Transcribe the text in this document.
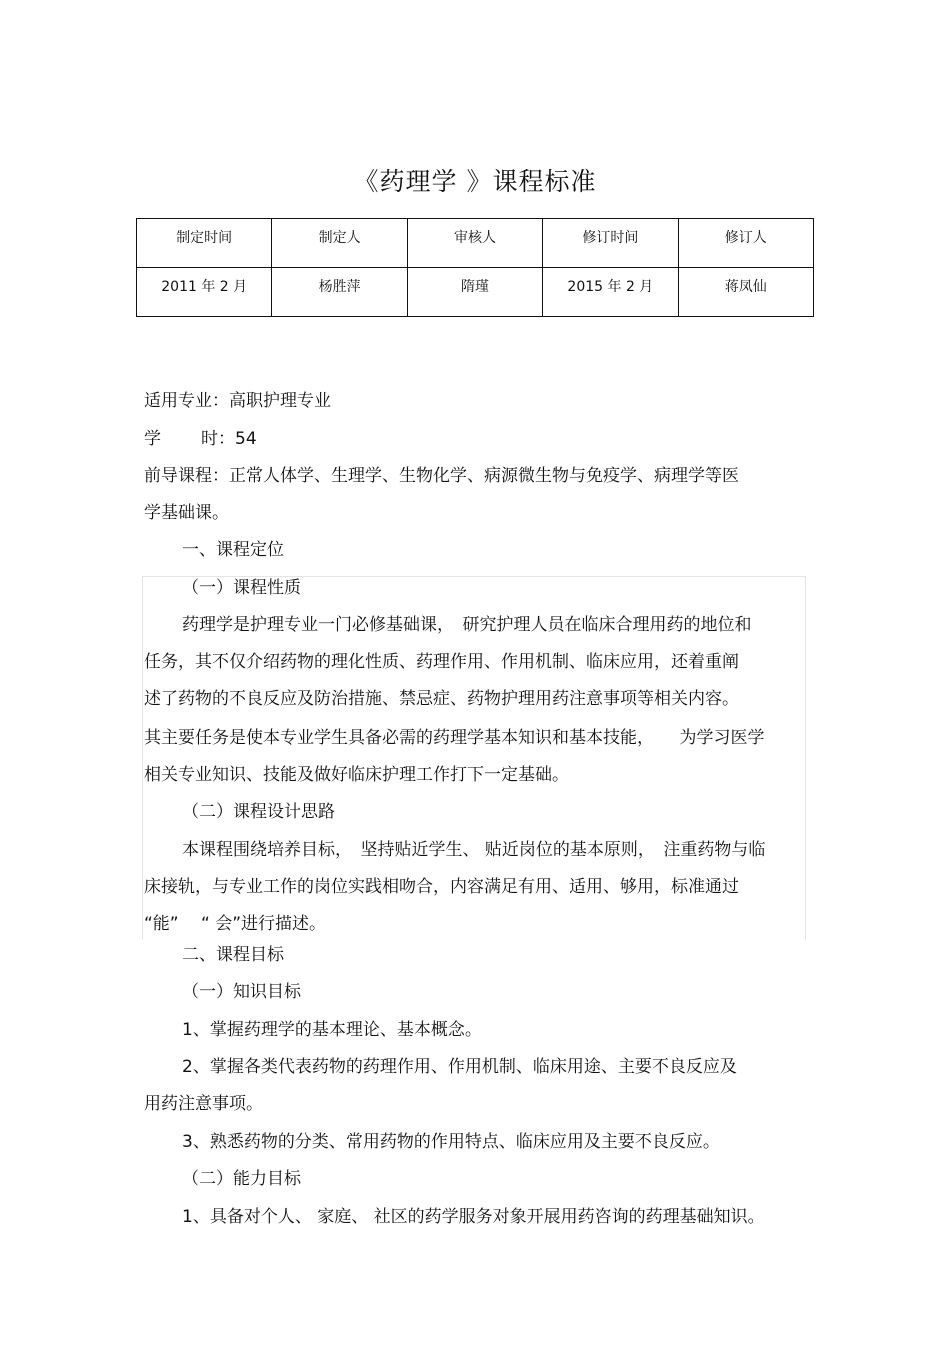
《药理学 》课程标准
制定时间	制定人	审核人	修订时间	修订人
2011 年 2 月	杨胜萍	隋瑾	2015 年 2 月	蒋凤仙
适用专业：高职护理专业
学 时：54
前导课程：正常人体学、生理学、生物化学、病源微生物与免疫学、病理学等医
学基础课。
一、课程定位
（一）课程性质
药理学是护理专业一门必修基础课，　研究护理人员在临床合理用药的地位和
任务，其不仅介绍药物的理化性质、药理作用、作用机制、临床应用，还着重阐
述了药物的不良反应及防治措施、禁忌症、药物护理用药注意事项等相关内容。
其主要任务是使本专业学生具备必需的药理学基本知识和基本技能，　　为学习医学
相关专业知识、技能及做好临床护理工作打下一定基础。
（二）课程设计思路
本课程围绕培养目标，　坚持贴近学生、 贴近岗位的基本原则，　注重药物与临
床接轨，与专业工作的岗位实践相吻合，内容满足有用、适用、够用，标准通过
“能”　 “ 会”进行描述。
二、课程目标
（一）知识目标
1、掌握药理学的基本理论、基本概念。
2、掌握各类代表药物的药理作用、作用机制、临床用途、主要不良反应及
用药注意事项。
3、熟悉药物的分类、常用药物的作用特点、临床应用及主要不良反应。
（二）能力目标
1、具备对个人、 家庭、 社区的药学服务对象开展用药咨询的药理基础知识。
